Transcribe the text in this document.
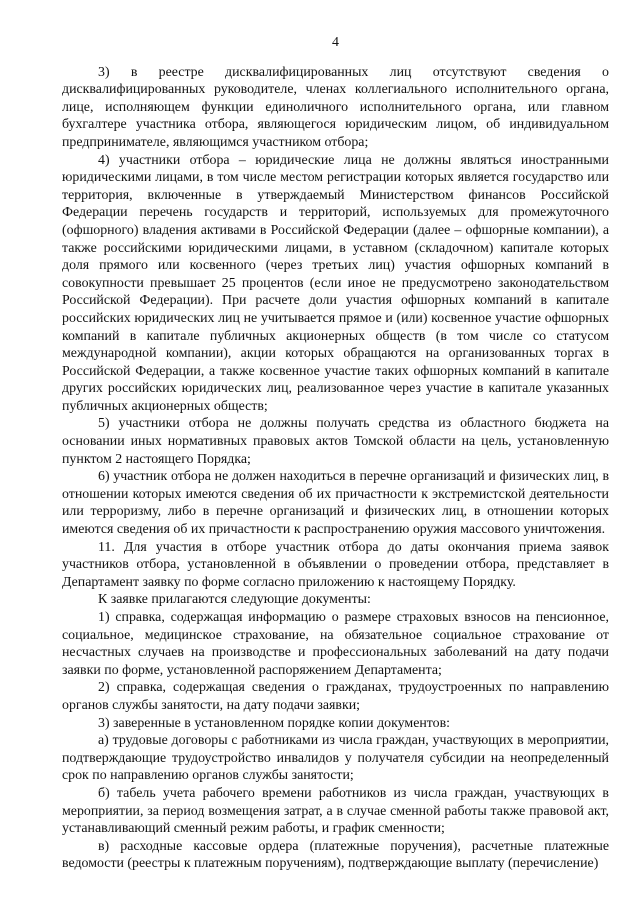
4

3) в реестре дисквалифицированных лиц отсутствуют сведения о дисквалифицированных руководителе, членах коллегиального исполнительного органа, лице, исполняющем функции единоличного исполнительного органа, или главном бухгалтере участника отбора, являющегося юридическим лицом, об индивидуальном предпринимателе, являющимся участником отбора;

4) участники отбора – юридические лица не должны являться иностранными юридическими лицами, в том числе местом регистрации которых является государство или территория, включенные в утверждаемый Министерством финансов Российской Федерации перечень государств и территорий, используемых для промежуточного (офшорного) владения активами в Российской Федерации (далее – офшорные компании), а также российскими юридическими лицами, в уставном (складочном) капитале которых доля прямого или косвенного (через третьих лиц) участия офшорных компаний в совокупности превышает 25 процентов (если иное не предусмотрено законодательством Российской Федерации). При расчете доли участия офшорных компаний в капитале российских юридических лиц не учитывается прямое и (или) косвенное участие офшорных компаний в капитале публичных акционерных обществ (в том числе со статусом международной компании), акции которых обращаются на организованных торгах в Российской Федерации, а также косвенное участие таких офшорных компаний в капитале других российских юридических лиц, реализованное через участие в капитале указанных публичных акционерных обществ;

5) участники отбора не должны получать средства из областного бюджета на основании иных нормативных правовых актов Томской области на цель, установленную пунктом 2 настоящего Порядка;

6) участник отбора не должен находиться в перечне организаций и физических лиц, в отношении которых имеются сведения об их причастности к экстремистской деятельности или терроризму, либо в перечне организаций и физических лиц, в отношении которых имеются сведения об их причастности к распространению оружия массового уничтожения.

11. Для участия в отборе участник отбора до даты окончания приема заявок участников отбора, установленной в объявлении о проведении отбора, представляет в Департамент заявку по форме согласно приложению к настоящему Порядку.

К заявке прилагаются следующие документы:

1) справка, содержащая информацию о размере страховых взносов на пенсионное, социальное, медицинское страхование, на обязательное социальное страхование от несчастных случаев на производстве и профессиональных заболеваний на дату подачи заявки по форме, установленной распоряжением Департамента;

2) справка, содержащая сведения о гражданах, трудоустроенных по направлению органов службы занятости, на дату подачи заявки;

3) заверенные в установленном порядке копии документов:

а) трудовые договоры с работниками из числа граждан, участвующих в мероприятии, подтверждающие трудоустройство инвалидов у получателя субсидии на неопределенный срок по направлению органов службы занятости;

б) табель учета рабочего времени работников из числа граждан, участвующих в мероприятии, за период возмещения затрат, а в случае сменной работы также правовой акт, устанавливающий сменный режим работы, и график сменности;

в) расходные кассовые ордера (платежные поручения), расчетные платежные ведомости (реестры к платежным поручениям), подтверждающие выплату (перечисление)
